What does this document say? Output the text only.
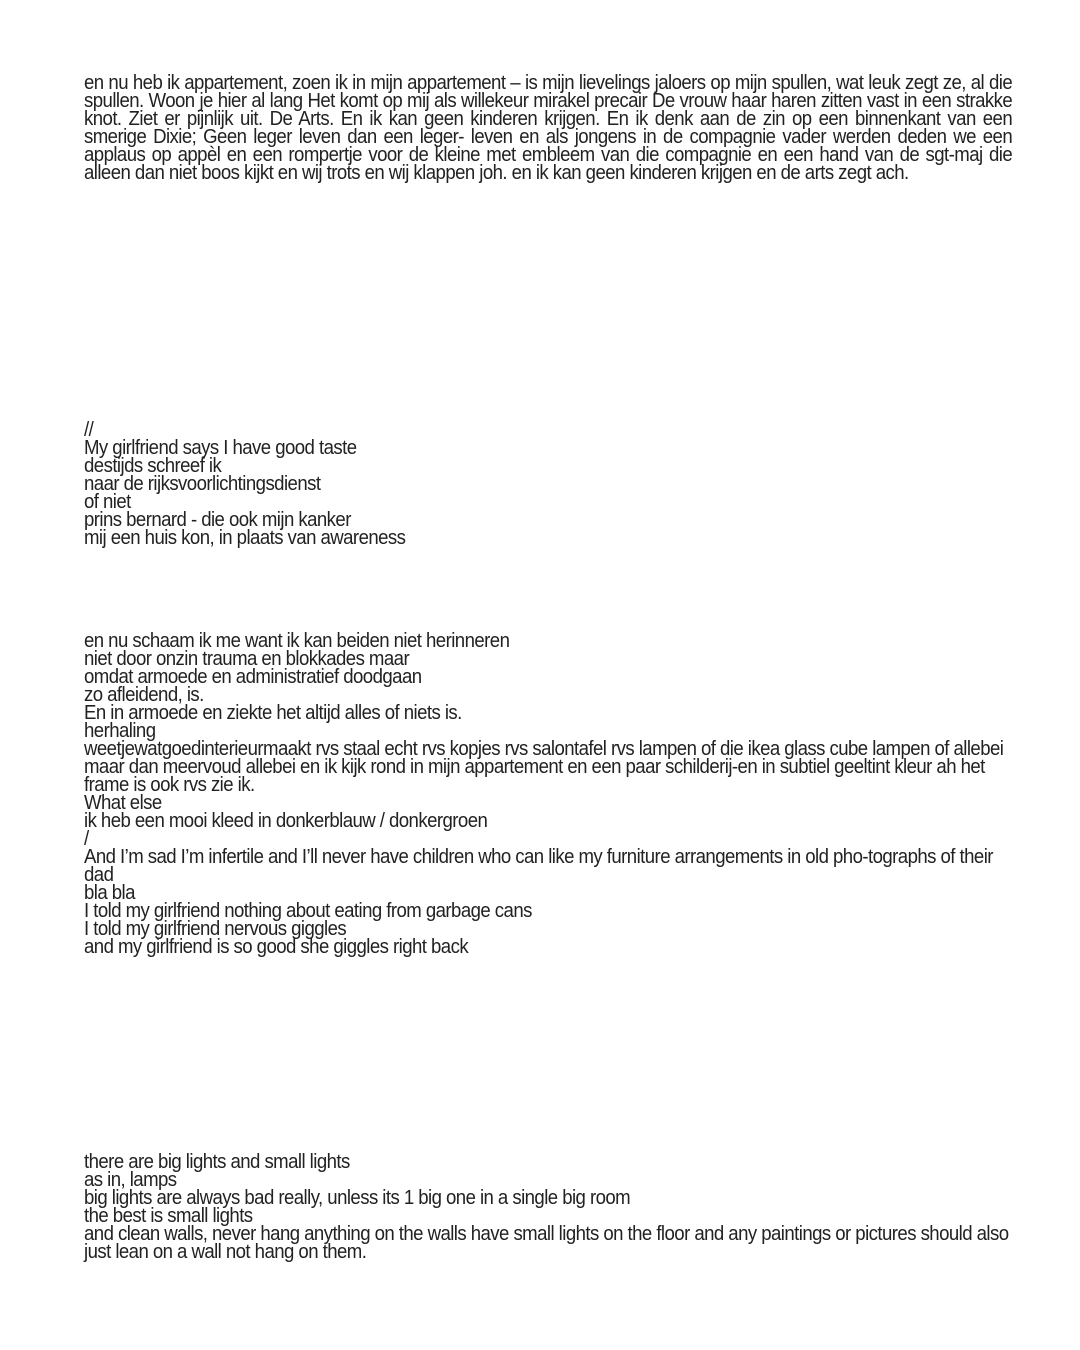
en nu heb ik appartement, zoen ik in mijn appartement – is mijn lievelings jaloers op mijn spullen, wat leuk zegt ze, al die spullen. Woon je hier al lang Het komt op mij als willekeur mirakel precair De vrouw haar haren zitten vast in een strakke knot. Ziet er pijnlijk uit. De Arts. En ik kan geen kinderen krijgen. En ik denk aan de zin op een binnenkant van een smerige Dixie; Geen leger leven dan een leger- leven en als jongens in de compagnie vader werden deden we een applaus op appèl en een rompertje voor de kleine met embleem van die compagnie en een hand van de sgt-maj die alleen dan niet boos kijkt en wij trots en wij klappen joh. en ik kan geen kinderen krijgen en de arts zegt ach.

//
My girlfriend says I have good taste
destijds schreef ik
naar de rijksvoorlichtingsdienst
of niet
prins bernard - die ook mijn kanker
mij een huis kon, in plaats van awareness
en nu schaam ik me want ik kan beiden niet herinneren
niet door onzin trauma en blokkades maar
omdat armoede en administratief doodgaan
zo afleidend, is.
En in armoede en ziekte het altijd alles of niets is.
herhaling
weetjewatgoedinterieurmaakt rvs staal echt rvs kopjes rvs salontafel rvs lampen of die ikea glass cube lampen of allebei maar dan meervoud allebei en ik kijk rond in mijn appartement en een paar schilderij-en in subtiel geeltint kleur ah het frame is ook rvs zie ik.
What else
ik heb een mooi kleed in donkerblauw / donkergroen
/
And I’m sad I’m infertile and I’ll never have children who can like my furniture arrangements in old pho-tographs of their dad
bla bla
I told my girlfriend nothing about eating from garbage cans
I told my girlfriend nervous giggles
and my girlfriend is so good she giggles right back
there are big lights and small lights
as in, lamps
big lights are always bad really, unless its 1 big one in a single big room
the best is small lights
and clean walls, never hang anything on the walls have small lights on the floor and any paintings or pictures should also just lean on a wall not hang on them.
